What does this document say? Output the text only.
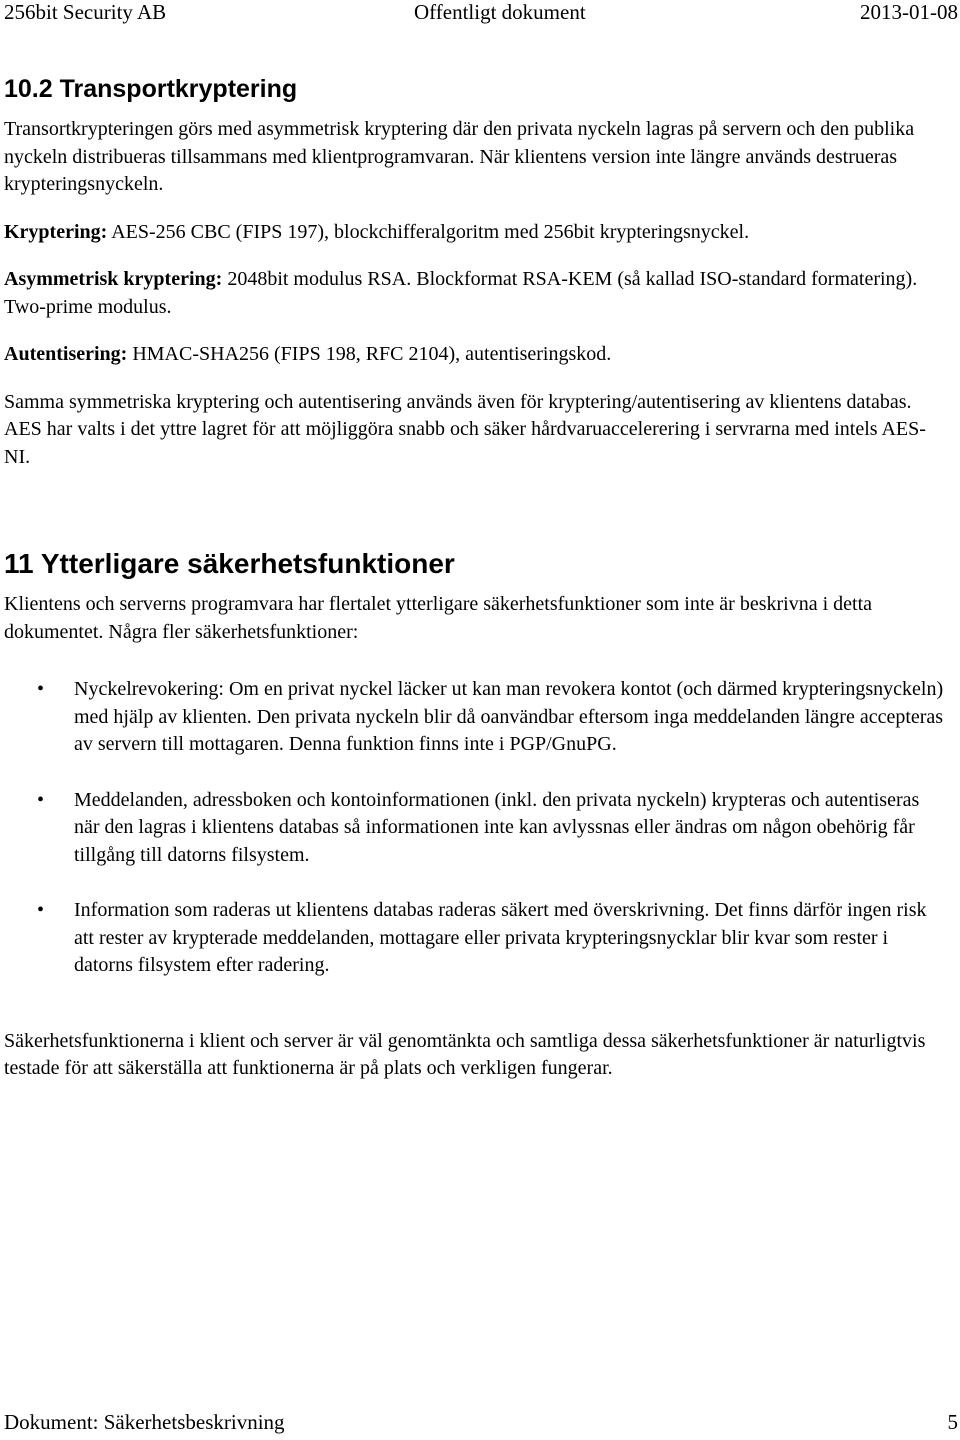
256bit Security AB	Offentligt dokument	2013-01-08
10.2 Transportkryptering

Transortkrypteringen görs med asymmetrisk kryptering där den privata nyckeln lagras på servern och den publika nyckeln distribueras tillsammans med klientprogramvaran. När klientens version inte längre används destrueras krypteringsnyckeln.

Kryptering: AES-256 CBC (FIPS 197), blockchifferalgoritm med 256bit krypteringsnyckel.

Asymmetrisk kryptering: 2048bit modulus RSA. Blockformat RSA-KEM (så kallad ISO-standard formatering). Two-prime modulus.

Autentisering: HMAC-SHA256 (FIPS 198, RFC 2104), autentiseringskod.

Samma symmetriska kryptering och autentisering används även för kryptering/autentisering av klientens databas. AES har valts i det yttre lagret för att möjliggöra snabb och säker hårdvaruaccelerering i servrarna med intels AES-NI.

11 Ytterligare säkerhetsfunktioner

Klientens och serverns programvara har flertalet ytterligare säkerhetsfunktioner som inte är beskrivna i detta dokumentet. Några fler säkerhetsfunktioner:

• Nyckelrevokering: Om en privat nyckel läcker ut kan man revokera kontot (och därmed krypteringsnyckeln) med hjälp av klienten. Den privata nyckeln blir då oanvändbar eftersom inga meddelanden längre accepteras av servern till mottagaren. Denna funktion finns inte i PGP/GnuPG.
• Meddelanden, adressboken och kontoinformationen (inkl. den privata nyckeln) krypteras och autentiseras när den lagras i klientens databas så informationen inte kan avlyssnas eller ändras om någon obehörig får tillgång till datorns filsystem.
• Information som raderas ut klientens databas raderas säkert med överskrivning. Det finns därför ingen risk att rester av krypterade meddelanden, mottagare eller privata krypteringsnycklar blir kvar som rester i datorns filsystem efter radering.

Säkerhetsfunktionerna i klient och server är väl genomtänkta och samtliga dessa säkerhetsfunktioner är naturligtvis testade för att säkerställa att funktionerna är på plats och verkligen fungerar.

Dokument: Säkerhetsbeskrivning	5
